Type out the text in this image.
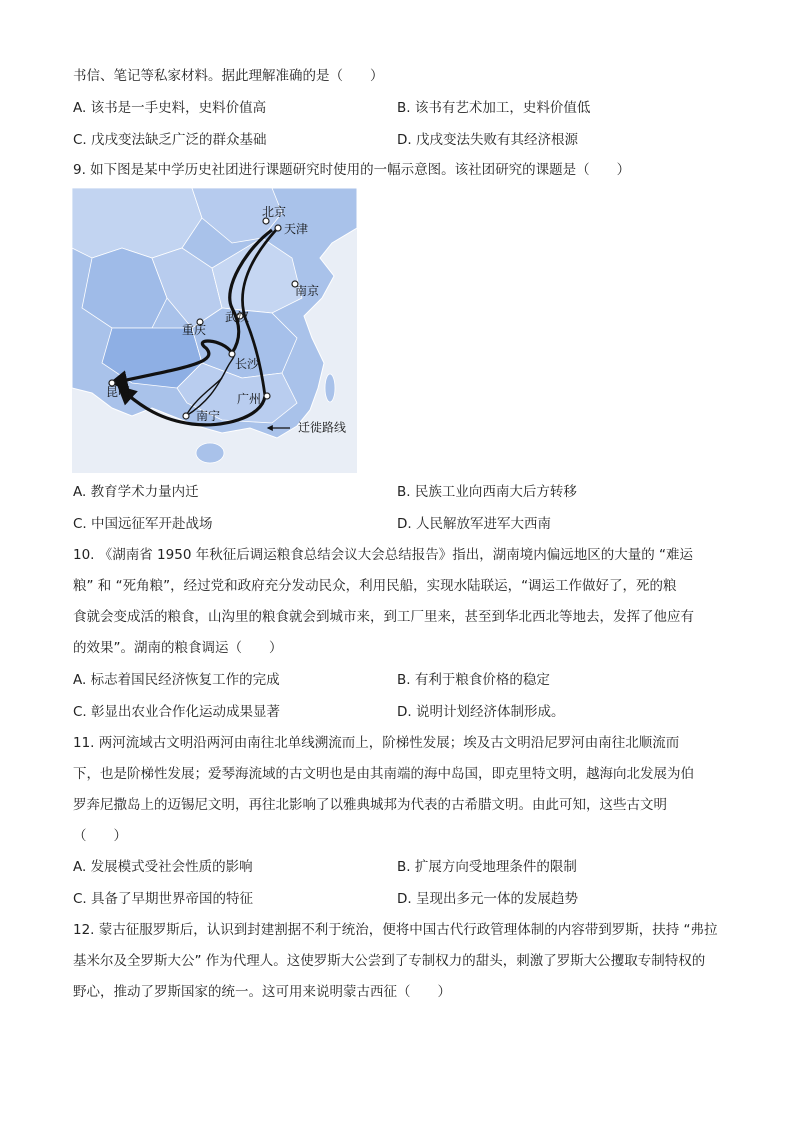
书信、笔记等私家材料。据此理解准确的是（　　）
A. 该书是一手史料，史料价值高	B. 该书有艺术加工，史料价值低
C. 戊戌变法缺乏广泛的群众基础	D. 戊戌变法失败有其经济根源
9. 如下图是某中学历史社团进行课题研究时使用的一幅示意图。该社团研究的课题是（　　）
北京
天津
南京
武汉
重庆
长沙
昆明	广州
南宁
迁徙路线
A. 教育学术力量内迁	B. 民族工业向西南大后方转移
C. 中国远征军开赴战场	D. 人民解放军进军大西南
10. 《湖南省 1950 年秋征后调运粮食总结会议大会总结报告》指出，湖南境内偏远地区的大量的 “难运
粮” 和 “死角粮”，经过党和政府充分发动民众，利用民船，实现水陆联运，“调运工作做好了，死的粮
食就会变成活的粮食，山沟里的粮食就会到城市来，到工厂里来，甚至到华北西北等地去，发挥了他应有
的效果”。湖南的粮食调运（　　）
A. 标志着国民经济恢复工作的完成	B. 有利于粮食价格的稳定
C. 彰显出农业合作化运动成果显著	D. 说明计划经济体制形成。
11. 两河流域古文明沿两河由南往北单线溯流而上，阶梯性发展；埃及古文明沿尼罗河由南往北顺流而
下，也是阶梯性发展；爱琴海流域的古文明也是由其南端的海中岛国，即克里特文明，越海向北发展为伯
罗奔尼撒岛上的迈锡尼文明，再往北影响了以雅典城邦为代表的古希腊文明。由此可知，这些古文明
（　　）
A. 发展模式受社会性质的影响	B. 扩展方向受地理条件的限制
C. 具备了早期世界帝国的特征	D. 呈现出多元一体的发展趋势
12. 蒙古征服罗斯后，认识到封建割据不利于统治，便将中国古代行政管理体制的内容带到罗斯，扶持 “弗拉
基米尔及全罗斯大公” 作为代理人。这使罗斯大公尝到了专制权力的甜头，刺激了罗斯大公攫取专制特权的
野心，推动了罗斯国家的统一。这可用来说明蒙古西征（　　）
